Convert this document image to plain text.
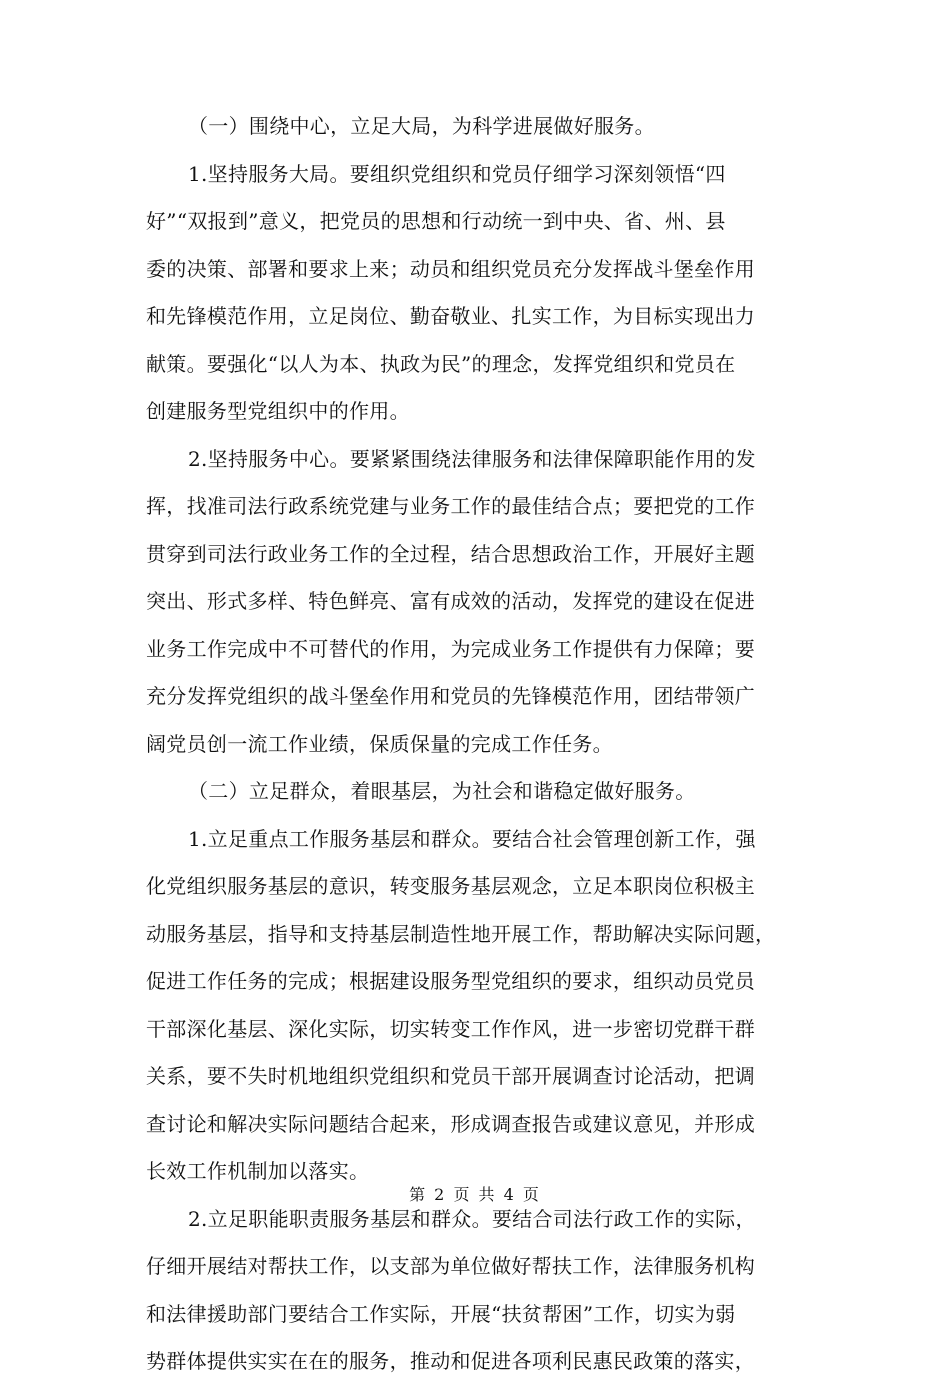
（一）围绕中心，立足大局，为科学进展做好服务。
1.坚持服务大局。要组织党组织和党员仔细学习深刻领悟“四
好”“双报到”意义，把党员的思想和行动统一到中央、省、州、县
委的决策、部署和要求上来；动员和组织党员充分发挥战斗堡垒作用
和先锋模范作用，立足岗位、勤奋敬业、扎实工作，为目标实现出力
献策。要强化“以人为本、执政为民”的理念，发挥党组织和党员在
创建服务型党组织中的作用。
2.坚持服务中心。要紧紧围绕法律服务和法律保障职能作用的发
挥，找准司法行政系统党建与业务工作的最佳结合点；要把党的工作
贯穿到司法行政业务工作的全过程，结合思想政治工作，开展好主题
突出、形式多样、特色鲜亮、富有成效的活动，发挥党的建设在促进
业务工作完成中不可替代的作用，为完成业务工作提供有力保障；要
充分发挥党组织的战斗堡垒作用和党员的先锋模范作用，团结带领广
阔党员创一流工作业绩，保质保量的完成工作任务。
（二）立足群众，着眼基层，为社会和谐稳定做好服务。
1.立足重点工作服务基层和群众。要结合社会管理创新工作，强
化党组织服务基层的意识，转变服务基层观念，立足本职岗位积极主
动服务基层，指导和支持基层制造性地开展工作，帮助解决实际问题，
促进工作任务的完成；根据建设服务型党组织的要求，组织动员党员
干部深化基层、深化实际，切实转变工作作风，进一步密切党群干群
关系，要不失时机地组织党组织和党员干部开展调查讨论活动，把调
查讨论和解决实际问题结合起来，形成调查报告或建议意见，并形成
长效工作机制加以落实。
2.立足职能职责服务基层和群众。要结合司法行政工作的实际，
仔细开展结对帮扶工作，以支部为单位做好帮扶工作，法律服务机构
和法律援助部门要结合工作实际，开展“扶贫帮困”工作，切实为弱
势群体提供实实在在的服务，推动和促进各项利民惠民政策的落实，
第 2 页 共 4 页
